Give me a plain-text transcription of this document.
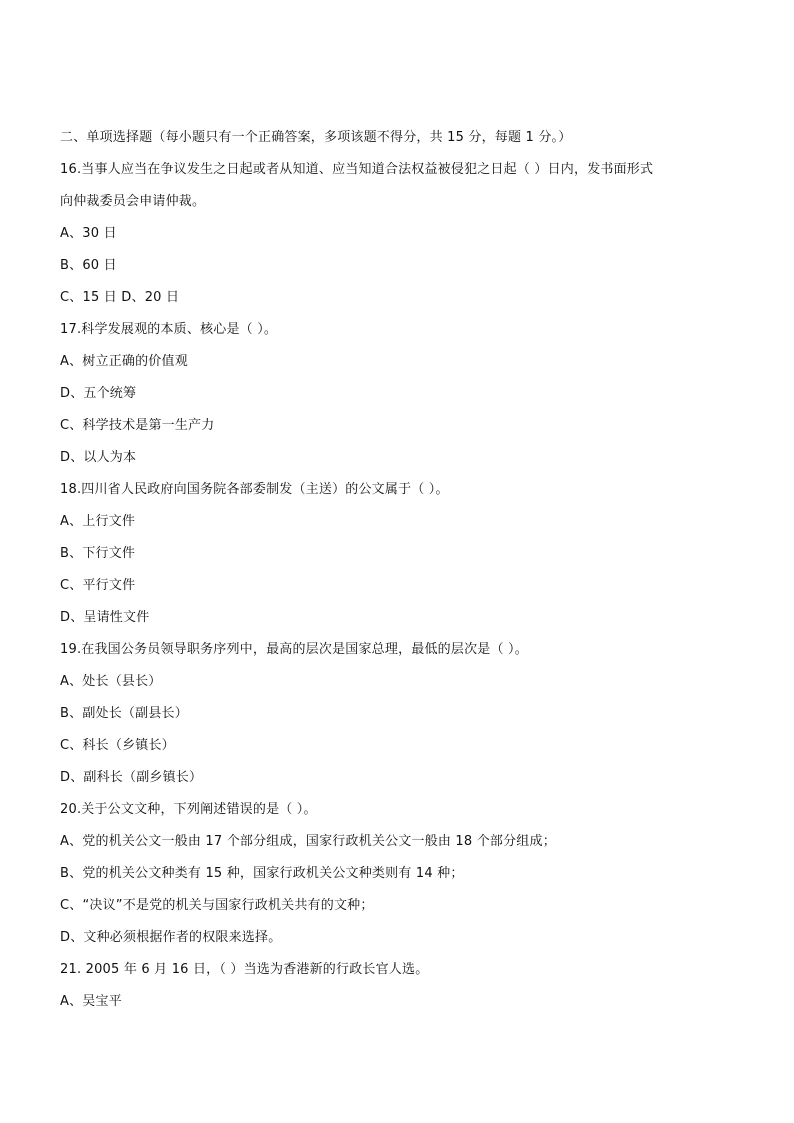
二、单项选择题（每小题只有一个正确答案，多项该题不得分，共 15 分，每题 1 分。）
16.当事人应当在争议发生之日起或者从知道、应当知道合法权益被侵犯之日起（ ）日内，发书面形式
向仲裁委员会申请仲裁。
A、30 日
B、60 日
C、15 日 D、20 日
17.科学发展观的本质、核心是（ ）。
A、树立正确的价值观
D、五个统筹
C、科学技术是第一生产力
D、以人为本
18.四川省人民政府向国务院各部委制发（主送）的公文属于（ ）。
A、上行文件
B、下行文件
C、平行文件
D、呈请性文件
19.在我国公务员领导职务序列中，最高的层次是国家总理，最低的层次是（ ）。
A、处长（县长）
B、副处长（副县长）
C、科长（乡镇长）
D、副科长（副乡镇长）
20.关于公文文种，下列阐述错误的是（ ）。
A、党的机关公文一般由 17 个部分组成，国家行政机关公文一般由 18 个部分组成；
B、党的机关公文种类有 15 种，国家行政机关公文种类则有 14 种；
C、“决议”不是党的机关与国家行政机关共有的文种；
D、文种必须根据作者的权限来选择。
21. 2005 年 6 月 16 日，（ ）当选为香港新的行政长官人选。
A、吴宝平
